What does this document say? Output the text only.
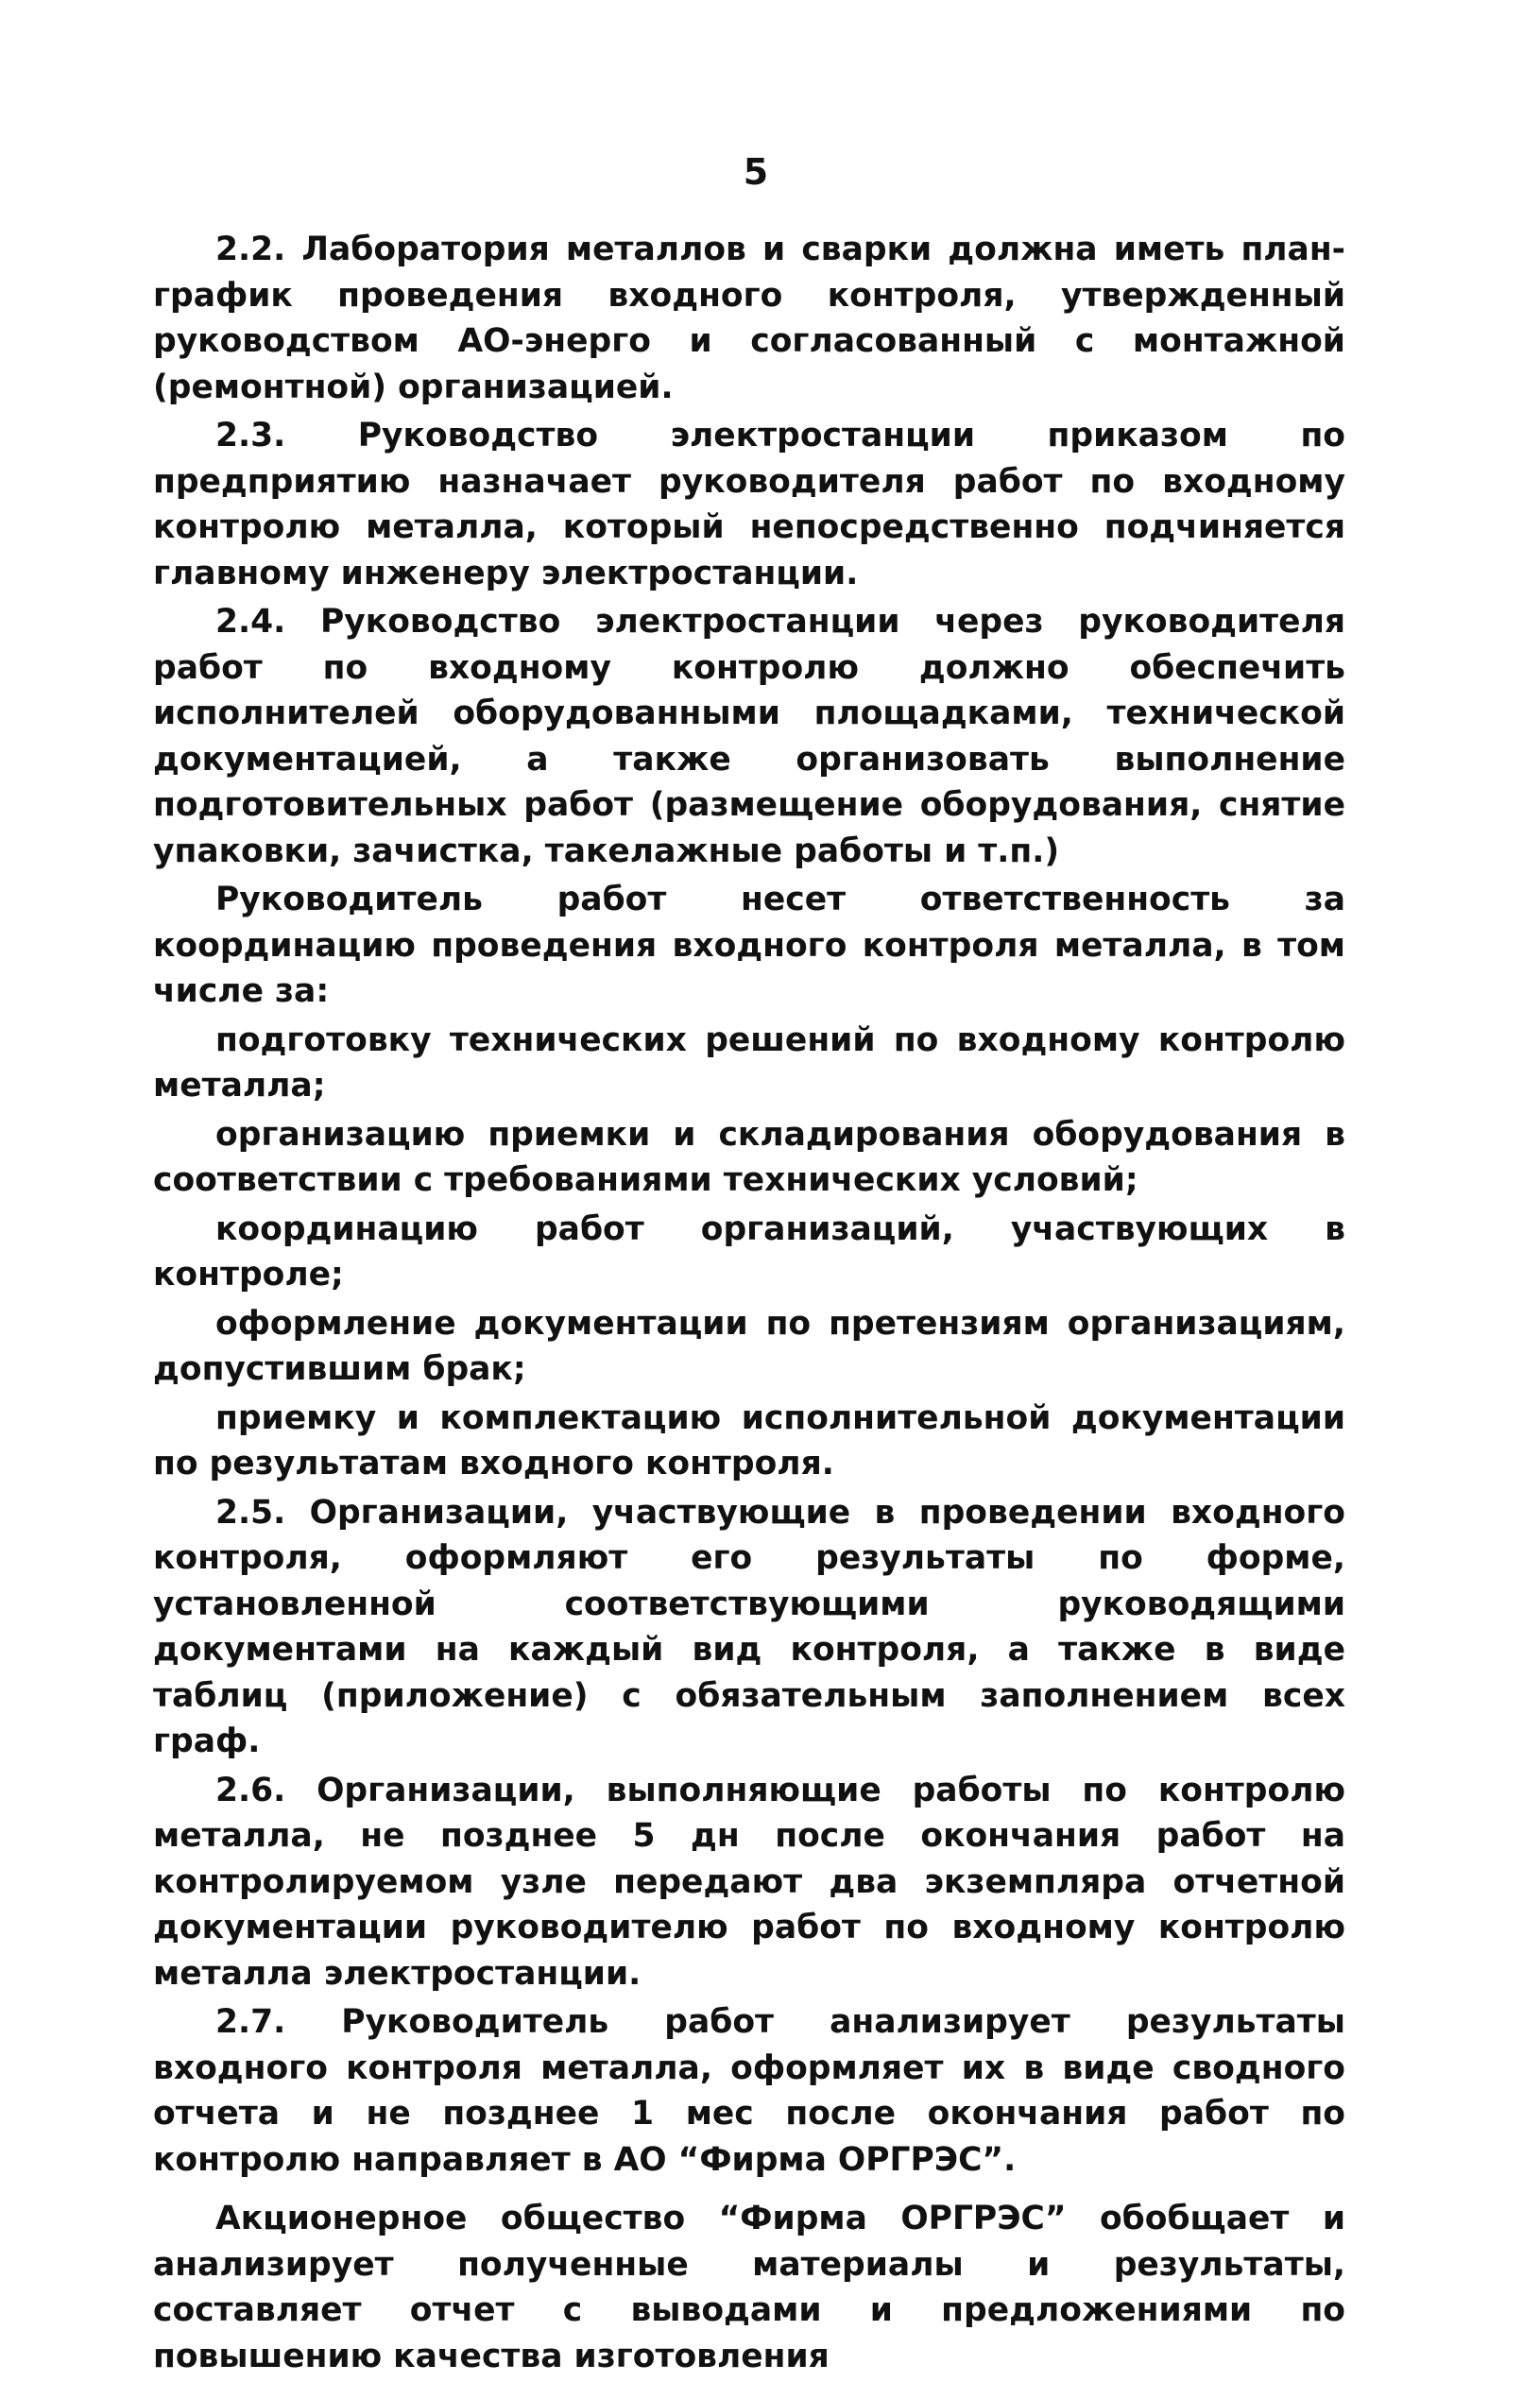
5

2.2. Лаборатория металлов и сварки должна иметь план-график проведения входного контроля, утвержденный руководством АО-энерго и согласованный с монтажной (ремонтной) организацией.

2.3. Руководство электростанции приказом по предприятию назначает руководителя работ по входному контролю металла, который непосредственно подчиняется главному инженеру электростанции.

2.4. Руководство электростанции через руководителя работ по входному контролю должно обеспечить исполнителей оборудованными площадками, технической документацией, а также организовать выполнение подготовительных работ (размещение оборудования, снятие упаковки, зачистка, такелажные работы и т.п.)

Руководитель работ несет ответственность за координацию проведения входного контроля металла, в том числе за:

подготовку технических решений по входному контролю металла;

организацию приемки и складирования оборудования в соответствии с требованиями технических условий;

координацию работ организаций, участвующих в контроле;

оформление документации по претензиям организациям, допустившим брак;

приемку и комплектацию исполнительной документации по результатам входного контроля.

2.5. Организации, участвующие в проведении входного контроля, оформляют его результаты по форме, установленной соответствующими руководящими документами на каждый вид контроля, а также в виде таблиц (приложение) с обязательным заполнением всех граф.

2.6. Организации, выполняющие работы по контролю металла, не позднее 5 дн после окончания работ на контролируемом узле передают два экземпляра отчетной документации руководителю работ по входному контролю металла электростанции.

2.7. Руководитель работ анализирует результаты входного контроля металла, оформляет их в виде сводного отчета и не позднее 1 мес после окончания работ по контролю направляет в АО “Фирма ОРГРЭС”.

Акционерное общество “Фирма ОРГРЭС” обобщает и анализирует полученные материалы и результаты, составляет отчет с выводами и предложениями по повышению качества изготовления
